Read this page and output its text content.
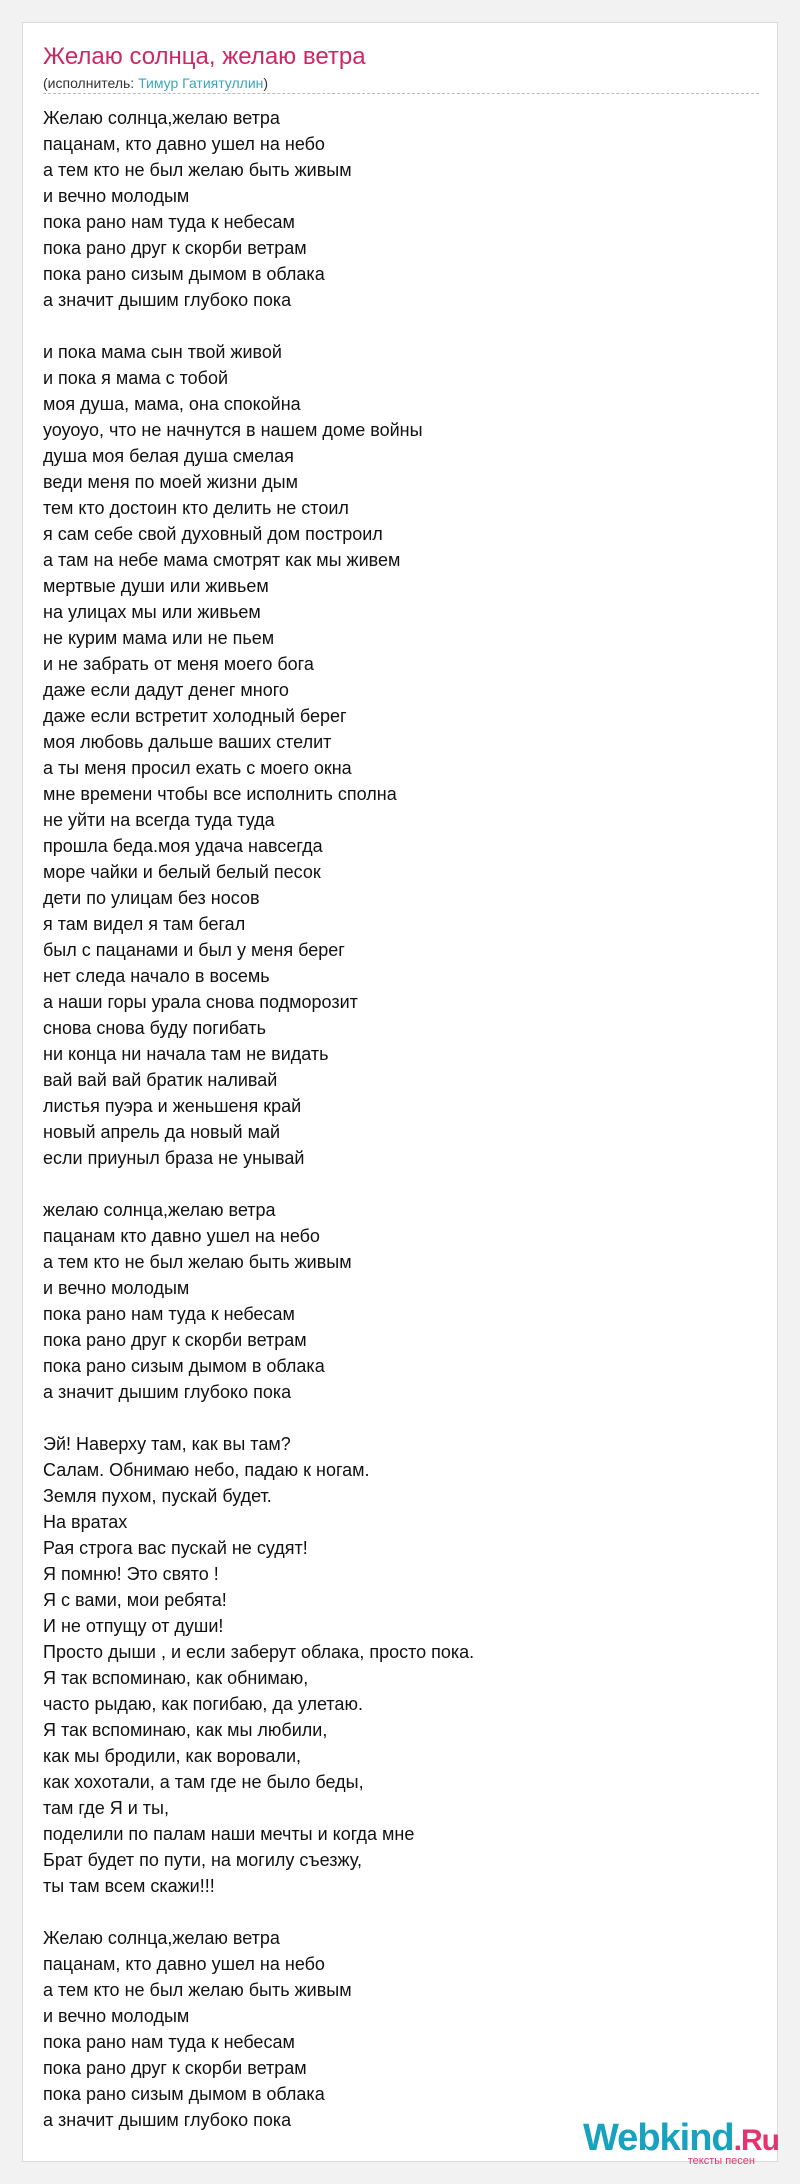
Желаю солнца, желаю ветра
(исполнитель: Тимур Гатиятуллин)
Желаю солнца,желаю ветра
пацанам, кто давно ушел на небо
а тем кто не был желаю быть живым
и вечно молодым
пока рано нам туда к небесам
пока рано друг к скорби ветрам
пока рано сизым дымом в облака
а значит дышим глубоко пока
и пока мама сын твой живой
и пока я мама с тобой
моя душа, мама, она спокойна
уоуоуо, что не начнутся в нашем доме войны
душа моя белая душа смелая
веди меня по моей жизни дым
тем кто достоин кто делить не стоил
я сам себе свой духовный дом построил
а там на небе мама смотрят как мы живем
мертвые души или живьем
на улицах мы или живьем
не курим мама или не пьем
и не забрать от меня моего бога
даже если дадут денег много
даже если встретит холодный берег
моя любовь дальше ваших стелит
а ты меня просил ехать с моего окна
мне времени чтобы все исполнить сполна
не уйти на всегда туда туда
прошла беда.моя удача навсегда
море чайки и белый белый песок
дети по улицам без носов
я там видел я там бегал
был с пацанами и был у меня берег
нет следа начало в восемь
а наши горы урала снова подморозит
снова снова буду погибать
ни конца ни начала там не видать
вай вай вай братик наливай
листья пуэра и женьшеня край
новый апрель да новый май
если приуныл браза не унывай
желаю солнца,желаю ветра
пацанам кто давно ушел на небо
а тем кто не был желаю быть живым
и вечно молодым
пока рано нам туда к небесам
пока рано друг к скорби ветрам
пока рано сизым дымом в облака
а значит дышим глубоко пока
Эй! Наверху там, как вы там?
Салам. Обнимаю небо, падаю к ногам.
Земля пухом, пускай будет.
На вратах
Рая строга вас пускай не судят!
Я помню! Это свято !
Я с вами, мои ребята!
И не отпущу от души!
Просто дыши , и если заберут облака, просто пока.
Я так вспоминаю, как обнимаю,
часто рыдаю, как погибаю, да улетаю.
Я так вспоминаю, как мы любили,
как мы бродили, как воровали,
как хохотали, а там где не было беды,
там где Я и ты,
поделили по палам наши мечты и когда мне
Брат будет по пути, на могилу съезжу,
ты там всем скажи!!!
Желаю солнца,желаю ветра
пацанам, кто давно ушел на небо
а тем кто не был желаю быть живым
и вечно молодым
пока рано нам туда к небесам
пока рано друг к скорби ветрам
пока рано сизым дымом в облака
а значит дышим глубоко пока	Webkind.Ru
тексты песен
